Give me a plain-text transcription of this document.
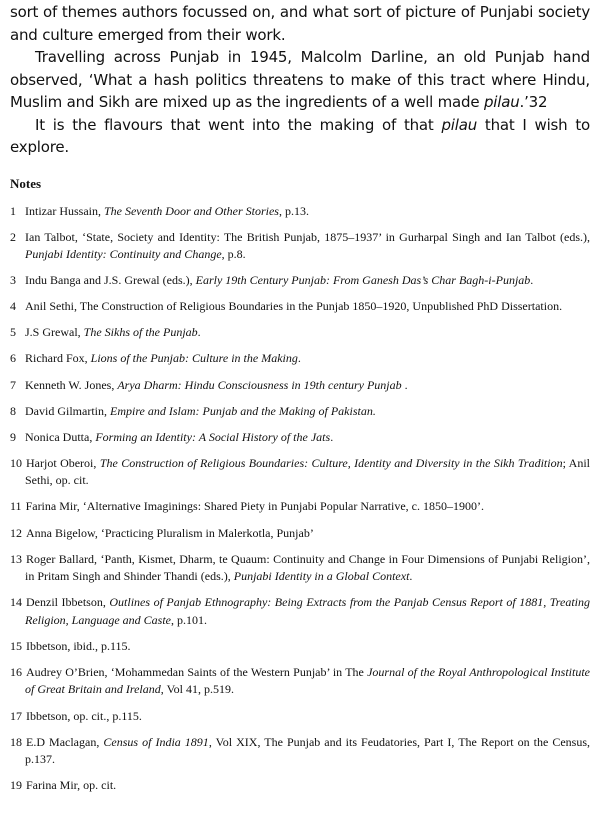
sort of themes authors focussed on, and what sort of picture of Punjabi society and culture emerged from their work.

Travelling across Punjab in 1945, Malcolm Darline, an old Punjab hand observed, ‘What a hash politics threatens to make of this tract where Hindu, Muslim and Sikh are mixed up as the ingredients of a well made pilau.’32

It is the flavours that went into the making of that pilau that I wish to explore.

Notes
1 Intizar Hussain, The Seventh Door and Other Stories, p.13.
2 Ian Talbot, ‘State, Society and Identity: The British Punjab, 1875–1937’ in Gurharpal Singh and Ian Talbot (eds.), Punjabi Identity: Continuity and Change, p.8.
3 Indu Banga and J.S. Grewal (eds.), Early 19th Century Punjab: From Ganesh Das’s Char Bagh-i-Punjab.
4 Anil Sethi, The Construction of Religious Boundaries in the Punjab 1850–1920, Unpublished PhD Dissertation.
5 J.S Grewal, The Sikhs of the Punjab.
6 Richard Fox, Lions of the Punjab: Culture in the Making.
7 Kenneth W. Jones, Arya Dharm: Hindu Consciousness in 19th century Punjab .
8 David Gilmartin, Empire and Islam: Punjab and the Making of Pakistan.
9 Nonica Dutta, Forming an Identity: A Social History of the Jats.
10 Harjot Oberoi, The Construction of Religious Boundaries: Culture, Identity and Diversity in the Sikh Tradition; Anil Sethi, op. cit.
11 Farina Mir, ‘Alternative Imaginings: Shared Piety in Punjabi Popular Narrative, c. 1850–1900’.
12 Anna Bigelow, ‘Practicing Pluralism in Malerkotla, Punjab’
13 Roger Ballard, ‘Panth, Kismet, Dharm, te Quaum: Continuity and Change in Four Dimensions of Punjabi Religion’, in Pritam Singh and Shinder Thandi (eds.), Punjabi Identity in a Global Context.
14 Denzil Ibbetson, Outlines of Panjab Ethnography: Being Extracts from the Panjab Census Report of 1881, Treating Religion, Language and Caste, p.101.
15 Ibbetson, ibid., p.115.
16 Audrey O’Brien, ‘Mohammedan Saints of the Western Punjab’ in The Journal of the Royal Anthropological Institute of Great Britain and Ireland, Vol 41, p.519.
17 Ibbetson, op. cit., p.115.
18 E.D Maclagan, Census of India 1891, Vol XIX, The Punjab and its Feudatories, Part I, The Report on the Census, p.137.
19 Farina Mir, op. cit.
